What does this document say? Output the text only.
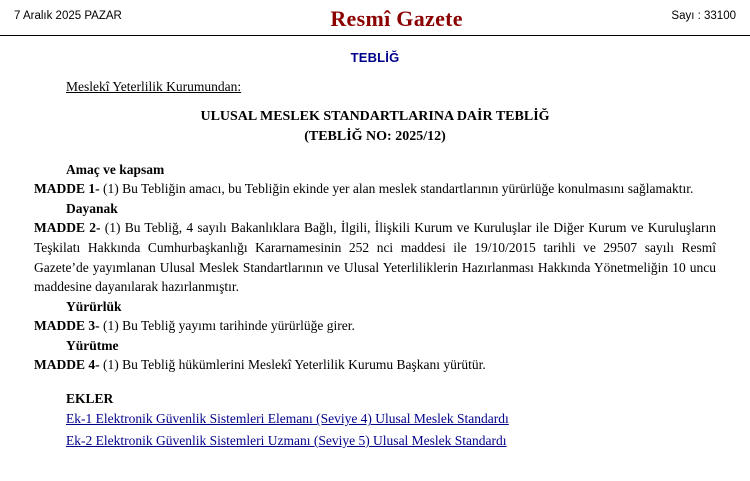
7 Aralık 2025 PAZAR	Resmî Gazete	Sayı : 33100
TEBLİĞ
Meslekî Yeterlilik Kurumundan:
ULUSAL MESLEK STANDARTLARINA DAİR TEBLİĞ
(TEBLİĞ NO: 2025/12)
Amaç ve kapsam

MADDE 1- (1) Bu Tebliğin amacı, bu Tebliğin ekinde yer alan meslek standartlarının yürürlüğe konulmasını sağlamaktır.

Dayanak

MADDE 2- (1) Bu Tebliğ, 4 sayılı Bakanlıklara Bağlı, İlgili, İlişkili Kurum ve Kuruluşlar ile Diğer Kurum ve Kuruluşların Teşkilatı Hakkında Cumhurbaşkanlığı Kararnamesinin 252 nci maddesi ile 19/10/2015 tarihli ve 29507 sayılı Resmî Gazete’de yayımlanan Ulusal Meslek Standartlarının ve Ulusal Yeterliliklerin Hazırlanması Hakkında Yönetmeliğin 10 uncu maddesine dayanılarak hazırlanmıştır.

Yürürlük

MADDE 3- (1) Bu Tebliğ yayımı tarihinde yürürlüğe girer.

Yürütme

MADDE 4- (1) Bu Tebliğ hükümlerini Meslekî Yeterlilik Kurumu Başkanı yürütür.

EKLER
Ek-1 Elektronik Güvenlik Sistemleri Elemanı (Seviye 4) Ulusal Meslek Standardı
Ek-2 Elektronik Güvenlik Sistemleri Uzmanı (Seviye 5) Ulusal Meslek Standardı
